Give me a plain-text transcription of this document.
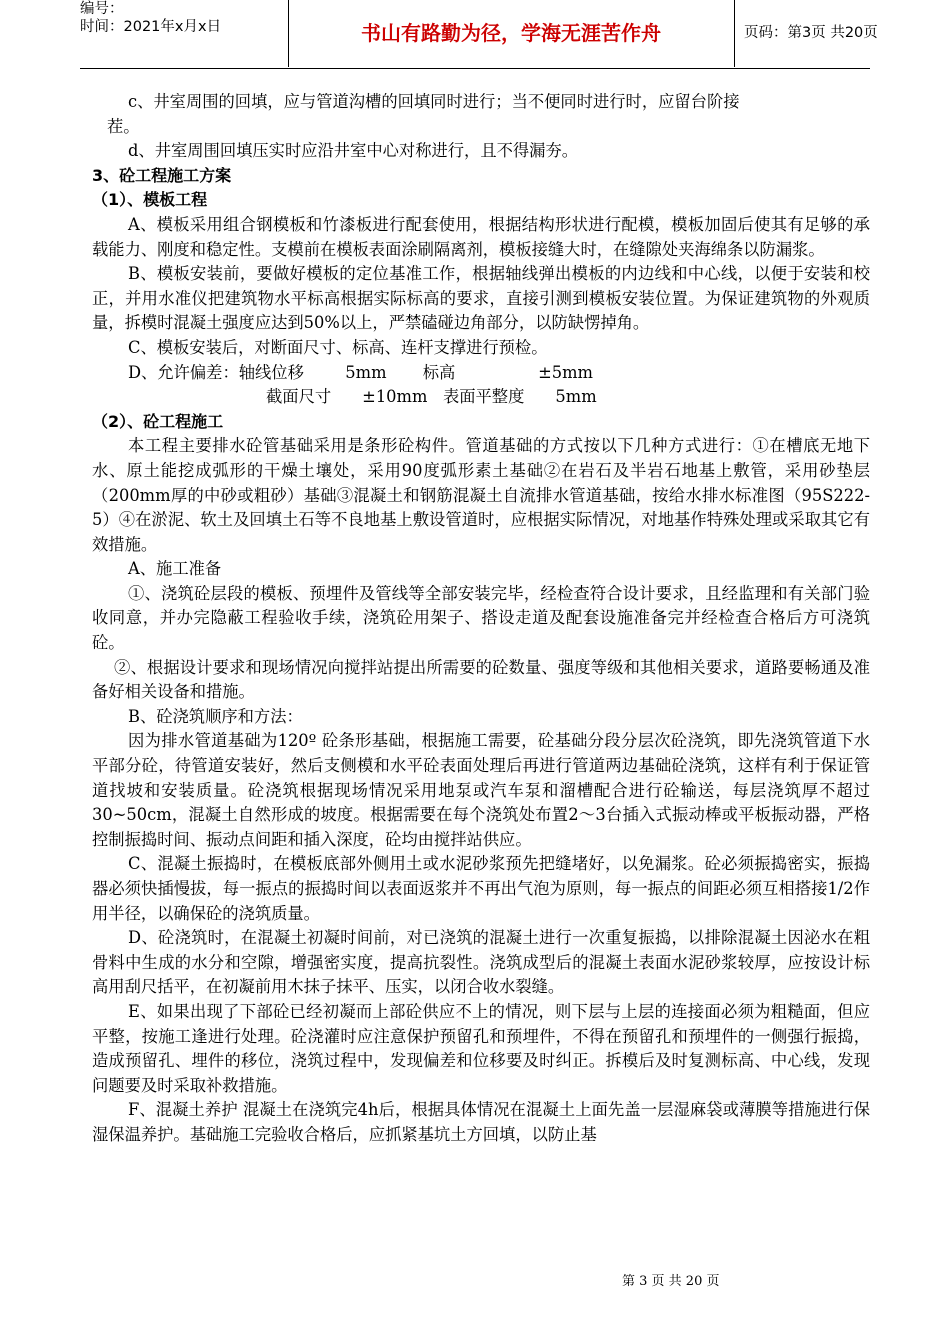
编号：
时间：2021年x月x日	书山有路勤为径，学海无涯苦作舟	页码：第3页 共20页

c、井室周围的回填，应与管道沟槽的回填同时进行；当不便同时进行时，应留台阶接

茬。

d、井室周围回填压实时应沿井室中心对称进行，且不得漏夯。

3、砼工程施工方案

（1）、模板工程

A、模板采用组合钢模板和竹漆板进行配套使用，根据结构形状进行配模，模板加固后使其有足够的承载能力、刚度和稳定性。支模前在模板表面涂刷隔离剂，模板接缝大时，在缝隙处夹海绵条以防漏浆。

B、模板安装前，要做好模板的定位基准工作，根据轴线弹出模板的内边线和中心线，以便于安装和校正，并用水准仪把建筑物水平标高根据实际标高的要求，直接引测到模板安装位置。为保证建筑物的外观质量，拆模时混凝土强度应达到50%以上，严禁磕碰边角部分，以防缺愣掉角。

C、模板安装后，对断面尺寸、标高、连杆支撑进行预检。

D、允许偏差：轴线位移        5mm       标高                ±5mm

截面尺寸      ±10mm   表面平整度      5mm

（2）、砼工程施工

本工程主要排水砼管基础采用是条形砼构件。管道基础的方式按以下几种方式进行：①在槽底无地下水、原土能挖成弧形的干燥土壤处，采用90度弧形素土基础②在岩石及半岩石地基上敷管，采用砂垫层（200mm厚的中砂或粗砂）基础③混凝土和钢筋混凝土自流排水管道基础，按给水排水标准图（95S222-5）④在淤泥、软土及回填土石等不良地基上敷设管道时，应根据实际情况，对地基作特殊处理或采取其它有效措施。

A、施工准备

①、浇筑砼层段的模板、预埋件及管线等全部安装完毕，经检查符合设计要求，且经监理和有关部门验收同意，并办完隐蔽工程验收手续，浇筑砼用架子、搭设走道及配套设施准备完并经检查合格后方可浇筑砼。

②、根据设计要求和现场情况向搅拌站提出所需要的砼数量、强度等级和其他相关要求，道路要畅通及准备好相关设备和措施。

B、砼浇筑顺序和方法：

因为排水管道基础为120º 砼条形基础，根据施工需要，砼基础分段分层次砼浇筑，即先浇筑管道下水平部分砼，待管道安装好，然后支侧模和水平砼表面处理后再进行管道两边基础砼浇筑，这样有利于保证管道找坡和安装质量。砼浇筑根据现场情况采用地泵或汽车泵和溜槽配合进行砼输送，每层浇筑厚不超过30~50cm，混凝土自然形成的坡度。根据需要在每个浇筑处布置2～3台插入式振动棒或平板振动器，严格控制振捣时间、振动点间距和插入深度，砼均由搅拌站供应。

C、混凝土振捣时，在模板底部外侧用土或水泥砂浆预先把缝堵好，以免漏浆。砼必须振捣密实，振捣器必须快插慢拔，每一振点的振捣时间以表面返浆并不再出气泡为原则，每一振点的间距必须互相搭接1/2作用半径，以确保砼的浇筑质量。

D、砼浇筑时，在混凝土初凝时间前，对已浇筑的混凝土进行一次重复振捣，以排除混凝土因泌水在粗骨料中生成的水分和空隙，增强密实度，提高抗裂性。浇筑成型后的混凝土表面水泥砂浆较厚，应按设计标高用刮尺括平，在初凝前用木抹子抹平、压实，以闭合收水裂缝。

E、如果出现了下部砼已经初凝而上部砼供应不上的情况，则下层与上层的连接面必须为粗糙面，但应平整，按施工逢进行处理。砼浇灌时应注意保护预留孔和预埋件，不得在预留孔和预埋件的一侧强行振捣，造成预留孔、埋件的移位，浇筑过程中，发现偏差和位移要及时纠正。拆模后及时复测标高、中心线，发现问题要及时采取补救措施。

F、混凝土养护 混凝土在浇筑完4h后，根据具体情况在混凝土上面先盖一层湿麻袋或薄膜等措施进行保湿保温养护。基础施工完验收合格后，应抓紧基坑土方回填，以防止基

第 3 页 共 20 页
